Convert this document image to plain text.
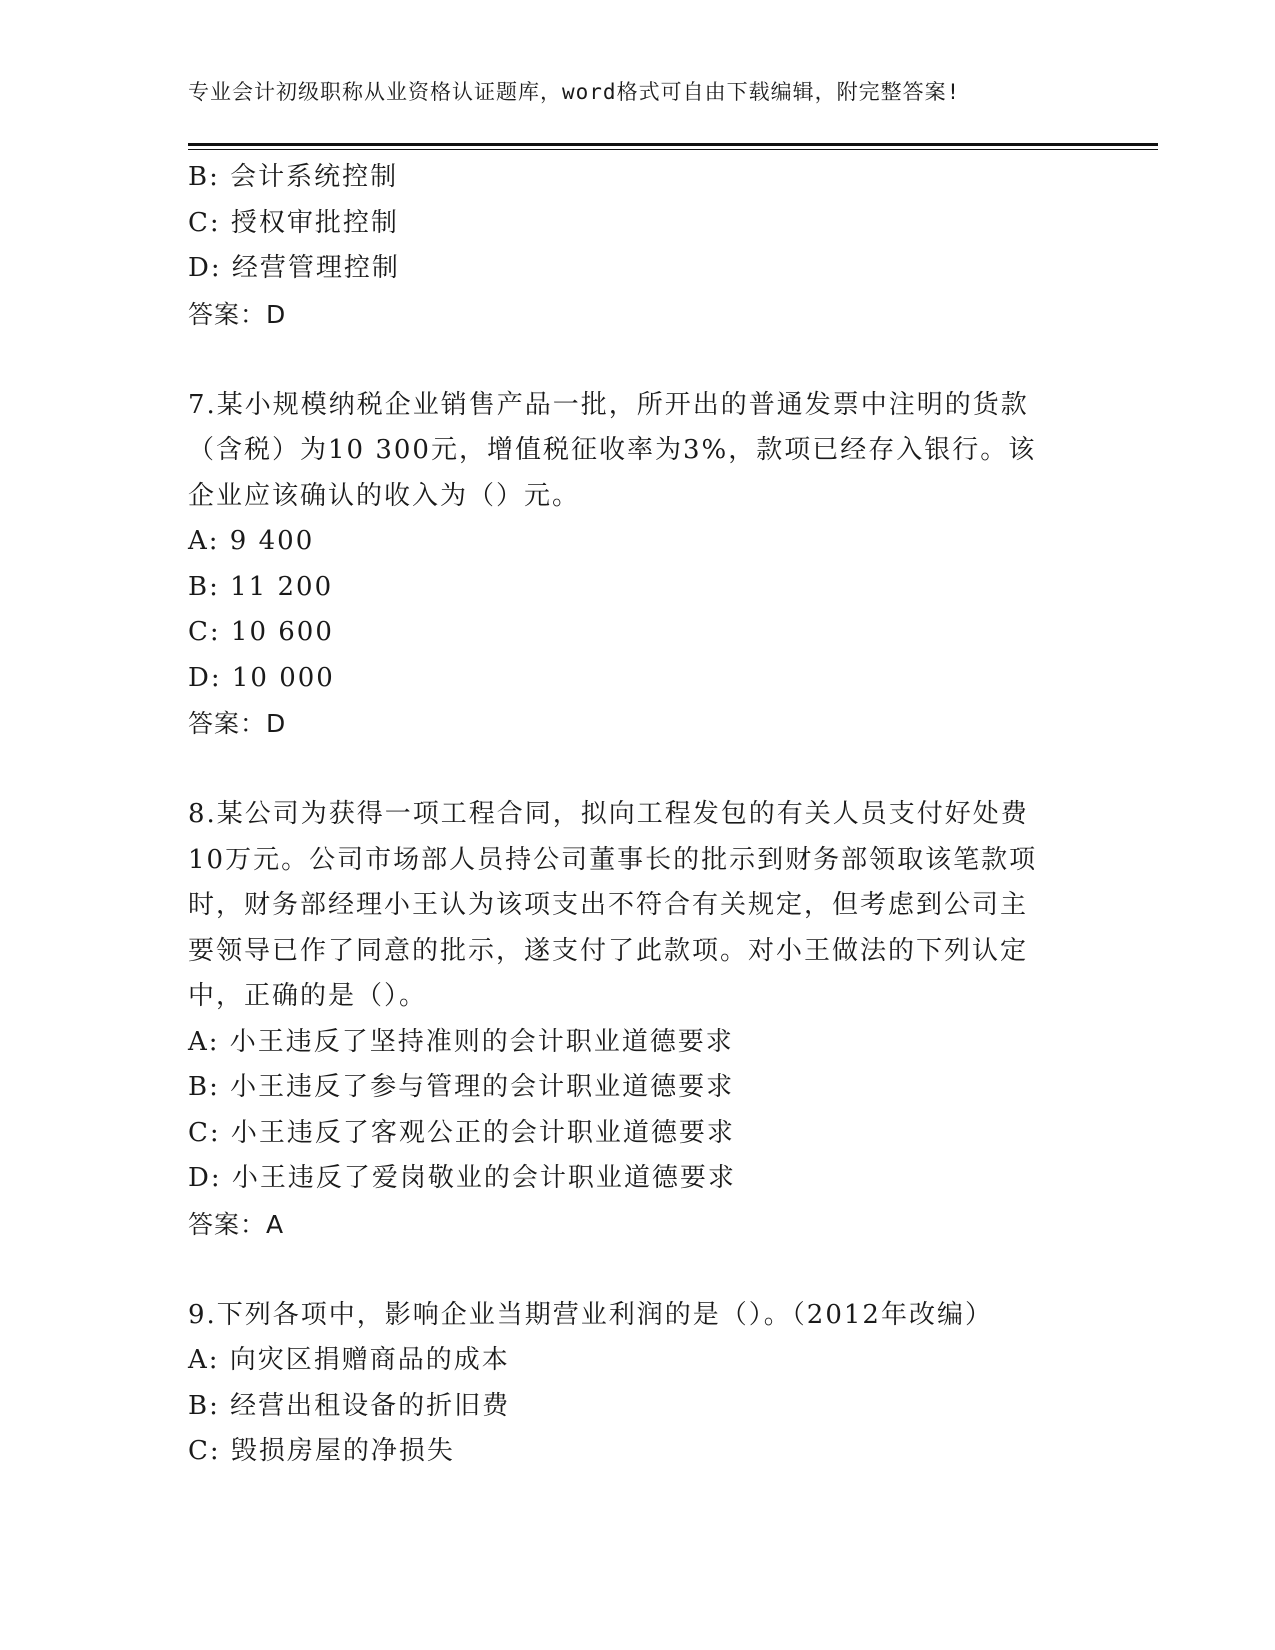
专业会计初级职称从业资格认证题库，word格式可自由下载编辑，附完整答案!
B: 会计系统控制
C: 授权审批控制
D: 经营管理控制
答案：D
7.某小规模纳税企业销售产品一批，所开出的普通发票中注明的货款
（含税）为10 300元，增值税征收率为3%，款项已经存入银行。该
企业应该确认的收入为（）元。
A: 9 400
B: 11 200
C: 10 600
D: 10 000
答案：D
8.某公司为获得一项工程合同，拟向工程发包的有关人员支付好处费
10万元。公司市场部人员持公司董事长的批示到财务部领取该笔款项
时，财务部经理小王认为该项支出不符合有关规定，但考虑到公司主
要领导已作了同意的批示，遂支付了此款项。对小王做法的下列认定
中，正确的是（）。
A: 小王违反了坚持准则的会计职业道德要求
B: 小王违反了参与管理的会计职业道德要求
C: 小王违反了客观公正的会计职业道德要求
D: 小王违反了爱岗敬业的会计职业道德要求
答案：A
9.下列各项中，影响企业当期营业利润的是（）。（2012年改编）
A: 向灾区捐赠商品的成本
B: 经营出租设备的折旧费
C: 毁损房屋的净损失
